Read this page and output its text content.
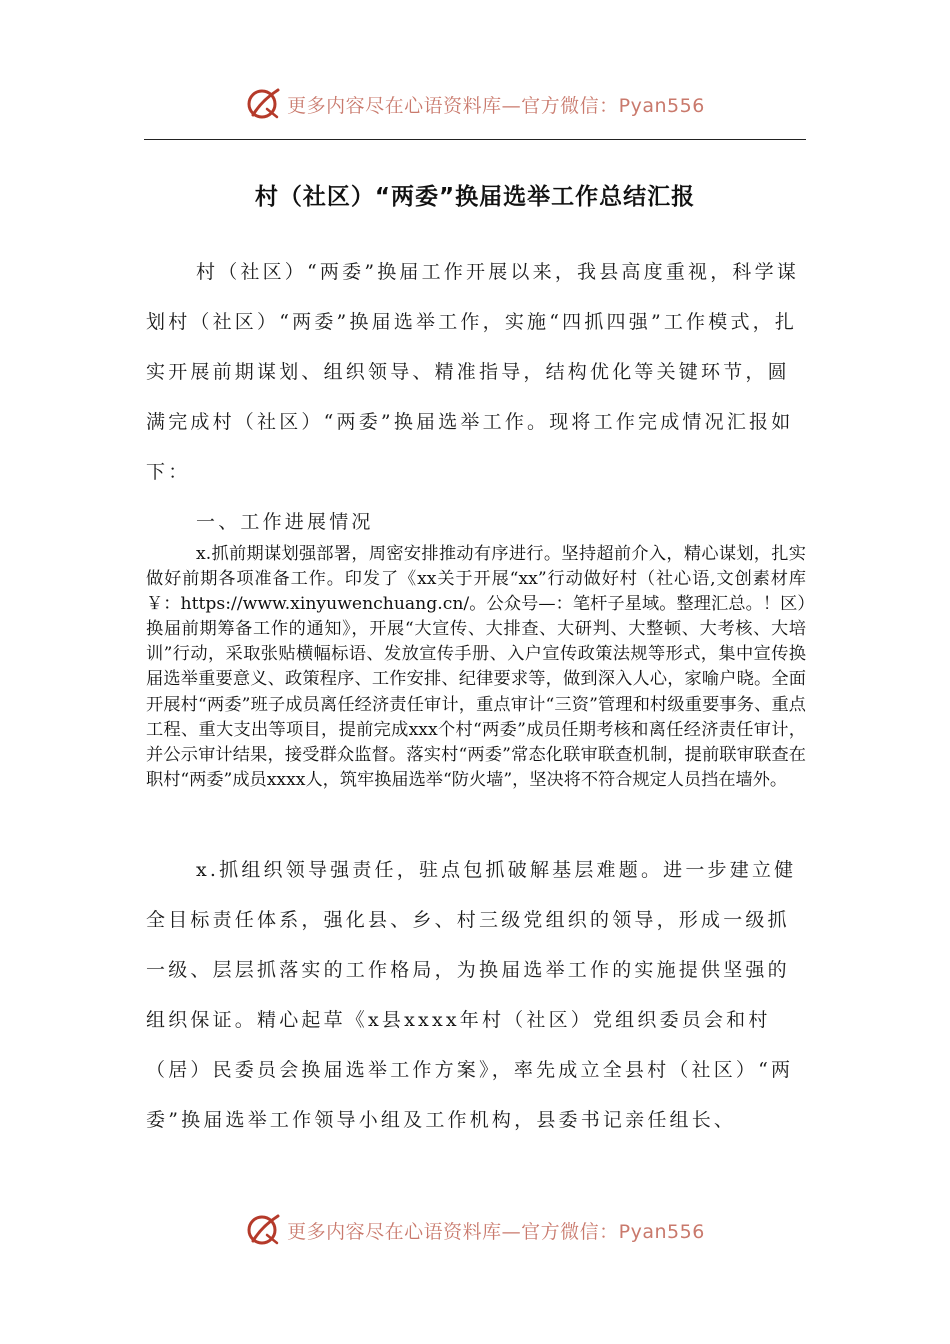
更多内容尽在心语资料库—官方微信：Pyan556
村（社区）“两委”换届选举工作总结汇报

村（社区）“两委”换届工作开展以来，我县高度重视，科学谋划村（社区）“两委”换届选举工作，实施“四抓四强”工作模式，扎实开展前期谋划、组织领导、精准指导，结构优化等关键环节，圆满完成村（社区）“两委”换届选举工作。现将工作完成情况汇报如下：

一、工作进展情况

x.抓前期谋划强部署，周密安排推动有序进行。坚持超前介入，精心谋划，扎实做好前期各项准备工作。印发了《xx关于开展“xx”行动做好村（社心语,文创素材库￥：https://www.xinyuwenchuang.cn/。公众号—：笔杆子星域。整理汇总。！区）换届前期筹备工作的通知》，开展“大宣传、大排查、大研判、大整顿、大考核、大培训”行动，采取张贴横幅标语、发放宣传手册、入户宣传政策法规等形式，集中宣传换届选举重要意义、政策程序、工作安排、纪律要求等，做到深入人心，家喻户晓。全面开展村“两委”班子成员离任经济责任审计，重点审计“三资”管理和村级重要事务、重点工程、重大支出等项目，提前完成xxx个村“两委”成员任期考核和离任经济责任审计，并公示审计结果，接受群众监督。落实村“两委”常态化联审联查机制，提前联审联查在职村“两委”成员xxxx人，筑牢换届选举“防火墙”，坚决将不符合规定人员挡在墙外。

x.抓组织领导强责任，驻点包抓破解基层难题。进一步建立健全目标责任体系，强化县、乡、村三级党组织的领导，形成一级抓一级、层层抓落实的工作格局，为换届选举工作的实施提供坚强的组织保证。精心起草《x县xxxx年村（社区）党组织委员会和村（居）民委员会换届选举工作方案》，率先成立全县村（社区）“两委”换届选举工作领导小组及工作机构，县委书记亲任组长、

更多内容尽在心语资料库—官方微信：Pyan556
